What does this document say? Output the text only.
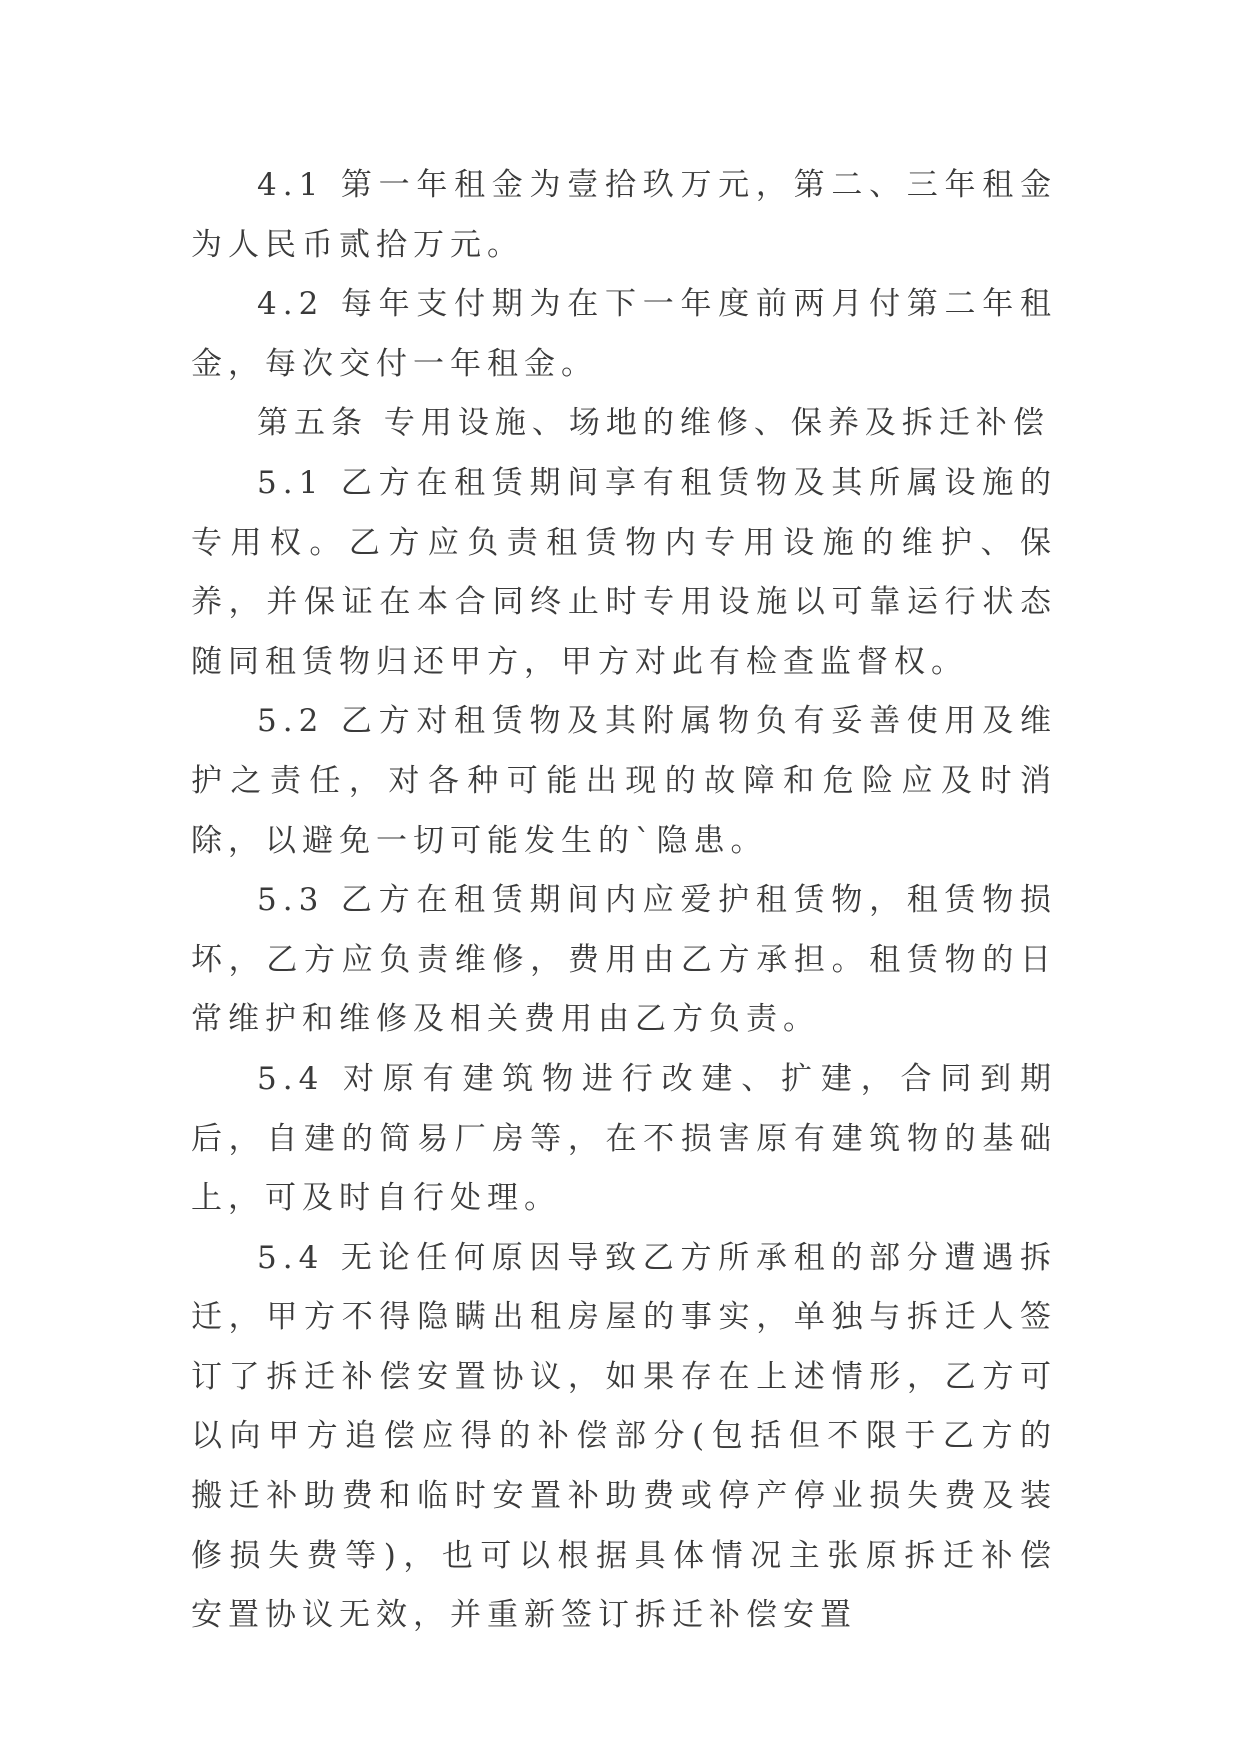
4.1 第一年租金为壹拾玖万元，第二、三年租金为人民币贰拾万元。

4.2 每年支付期为在下一年度前两月付第二年租金，每次交付一年租金。

第五条 专用设施、场地的维修、保养及拆迁补偿

5.1 乙方在租赁期间享有租赁物及其所属设施的专用权。乙方应负责租赁物内专用设施的维护、保养，并保证在本合同终止时专用设施以可靠运行状态随同租赁物归还甲方，甲方对此有检查监督权。

5.2 乙方对租赁物及其附属物负有妥善使用及维护之责任，对各种可能出现的故障和危险应及时消除，以避免一切可能发生的`隐患。

5.3 乙方在租赁期间内应爱护租赁物，租赁物损坏，乙方应负责维修，费用由乙方承担。租赁物的日常维护和维修及相关费用由乙方负责。

5.4 对原有建筑物进行改建、扩建，合同到期后，自建的简易厂房等，在不损害原有建筑物的基础上，可及时自行处理。

5.4 无论任何原因导致乙方所承租的部分遭遇拆迁，甲方不得隐瞒出租房屋的事实，单独与拆迁人签订了拆迁补偿安置协议，如果存在上述情形，乙方可以向甲方追偿应得的补偿部分(包括但不限于乙方的搬迁补助费和临时安置补助费或停产停业损失费及装修损失费等)，也可以根据具体情况主张原拆迁补偿安置协议无效，并重新签订拆迁补偿安置
